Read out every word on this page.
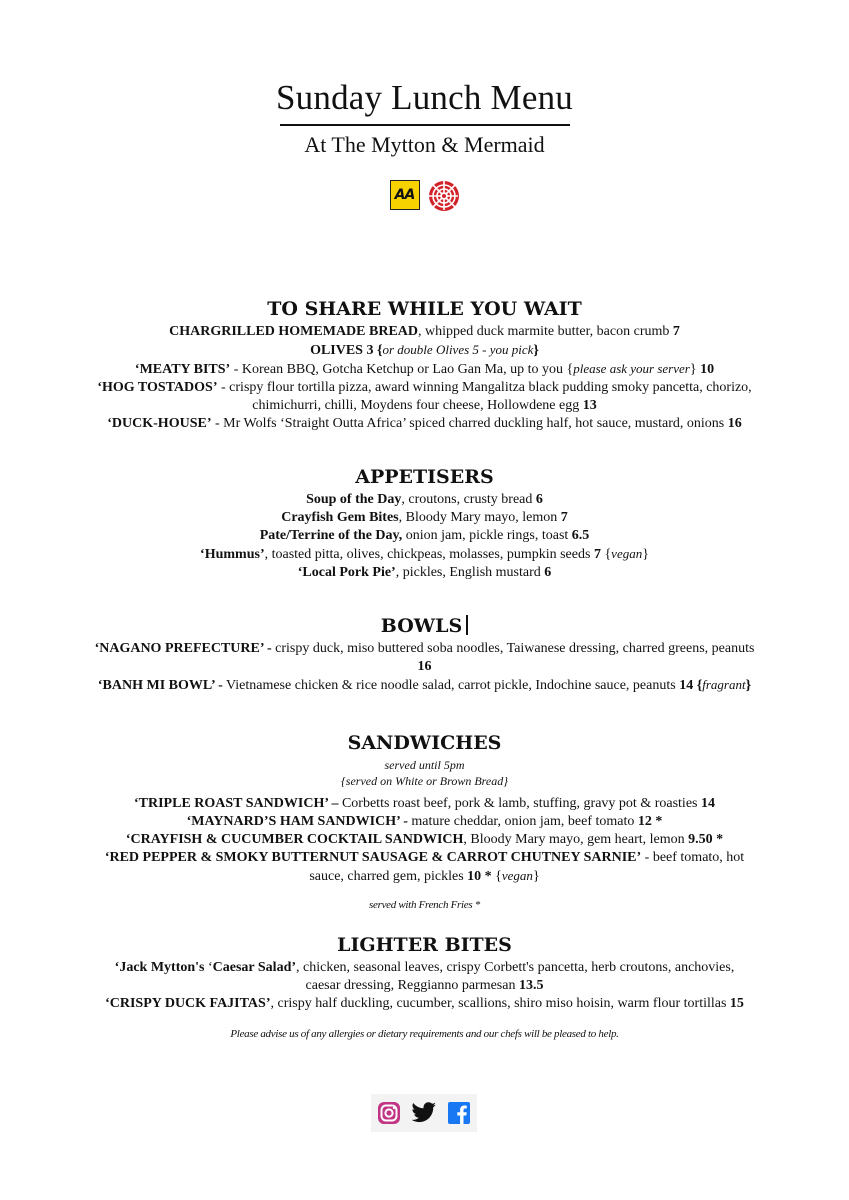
Sunday Lunch Menu
At The Mytton & Mermaid
AA
TO SHARE WHILE YOU WAIT
CHARGRILLED HOMEMADE BREAD, whipped duck marmite butter, bacon crumb 7
OLIVES 3 {or double Olives 5 - you pick}
‘MEATY BITS’ - Korean BBQ, Gotcha Ketchup or Lao Gan Ma, up to you {please ask your server} 10
‘HOG TOSTADOS’ - crispy flour tortilla pizza, award winning Mangalitza black pudding smoky pancetta, chorizo,
chimichurri, chilli, Moydens four cheese, Hollowdene egg 13
‘DUCK-HOUSE’ - Mr Wolfs ‘Straight Outta Africa’ spiced charred duckling half, hot sauce, mustard, onions 16
APPETISERS
Soup of the Day, croutons, crusty bread 6
Crayfish Gem Bites, Bloody Mary mayo, lemon 7
Pate/Terrine of the Day, onion jam, pickle rings, toast 6.5
‘Hummus’, toasted pitta, olives, chickpeas, molasses, pumpkin seeds 7 {vegan}
‘Local Pork Pie’, pickles, English mustard 6
BOWLS
‘NAGANO PREFECTURE’ - crispy duck, miso buttered soba noodles, Taiwanese dressing, charred greens, peanuts
16
‘BANH MI BOWL’ - Vietnamese chicken & rice noodle salad, carrot pickle, Indochine sauce, peanuts 14 {fragrant}
SANDWICHES
served until 5pm
{served on White or Brown Bread}
‘TRIPLE ROAST SANDWICH’ – Corbetts roast beef, pork & lamb, stuffing, gravy pot & roasties 14
‘MAYNARD’S HAM SANDWICH’ - mature cheddar, onion jam, beef tomato 12 *
‘CRAYFISH & CUCUMBER COCKTAIL SANDWICH, Bloody Mary mayo, gem heart, lemon 9.50 *
‘RED PEPPER & SMOKY BUTTERNUT SAUSAGE & CARROT CHUTNEY SARNIE’ - beef tomato, hot
sauce, charred gem, pickles 10 * {vegan}
served with French Fries *
LIGHTER BITES
‘Jack Mytton's ‘Caesar Salad’, chicken, seasonal leaves, crispy Corbett's pancetta, herb croutons, anchovies,
caesar dressing, Reggianno parmesan 13.5
‘CRISPY DUCK FAJITAS’, crispy half duckling, cucumber, scallions, shiro miso hoisin, warm flour tortillas 15
Please advise us of any allergies or dietary requirements and our chefs will be pleased to help.
